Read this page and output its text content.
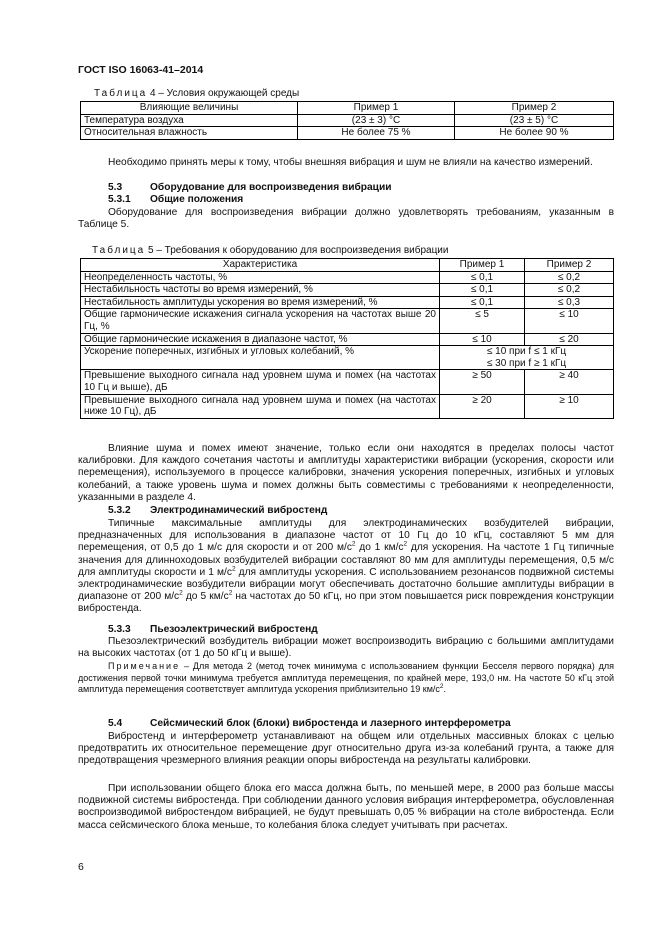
ГОСТ ISO 16063-41–2014
Таблица 4 – Условия окружающей среды
Влияющие величины	Пример 1	Пример 2
Температура воздуха	(23 ± 3) °C	(23 ± 5) °C
Относительная влажность	Не более 75 %	Не более 90 %
Необходимо принять меры к тому, чтобы внешняя вибрация и шум не влияли на качество измерений.
5.3	Оборудование для воспроизведения вибрации
5.3.1 Общие положения
Оборудование для воспроизведения вибрации должно удовлетворять требованиям, указанным в Таблице 5.
Таблица 5 – Требования к оборудованию для воспроизведения вибрации
Характеристика	Пример 1	Пример 2
Неопределенность частоты, %	≤ 0,1	≤ 0,2
Нестабильность частоты во время измерений, %	≤ 0,1	≤ 0,2
Нестабильность амплитуды ускорения во время измерений, %	≤ 0,1	≤ 0,3
Общие гармонические искажения сигнала ускорения на частотах выше 20 Гц, %	≤ 5	≤ 10
Общие гармонические искажения в диапазоне частот, %	≤ 10	≤ 20
Ускорение поперечных, изгибных и угловых колебаний, %	≤ 10 при f ≤ 1 кГц
≤ 30 при f ≥ 1 кГц	

Превышение выходного сигнала над уровнем шума и помех (на частотах 10 Гц и выше), дБ	≥ 50	≥ 40
Превышение выходного сигнала над уровнем шума и помех (на частотах ниже 10 Гц), дБ	≥ 20	≥ 10
Влияние шума и помех имеют значение, только если они находятся в пределах полосы частот калибровки. Для каждого сочетания частоты и амплитуды характеристики вибрации (ускорения, скорости или перемещения), используемого в процессе калибровки, значения ускорения поперечных, изгибных и угловых колебаний, а также уровень шума и помех должны быть совместимы с требованиями к неопределенности, указанными в разделе 4.
5.3.2 Электродинамический вибростенд
Типичные максимальные амплитуды для электродинамических возбудителей вибрации, предназначенных для использования в диапазоне частот от 10 Гц до 10 кГц, составляют 5 мм для перемещения, от 0,5 до 1 м/с для скорости и от 200 $м/с^2$ до 1 $км/с^2$ для ускорения. На частоте 1 Гц типичные значения для длинноходовых возбудителей вибрации составляют 80 мм для амплитуды перемещения, 0,5 м/с для амплитуды скорости и 1 $м/с^2$ для амплитуды ускорения. С использованием резонансов подвижной системы электродинамические возбудители вибрации могут обеспечивать достаточно большие амплитуды вибрации в диапазоне от 200 $м/с^2$ до 5 $км/с^2$ на частотах до 50 кГц, но при этом повышается риск повреждения конструкции вибростенда.
5.3.3 Пьезоэлектрический вибростенд
Пьезоэлектрический возбудитель вибрации может воспроизводить вибрацию с большими амплитудами на высоких частотах (от 1 до 50 кГц и выше).
Примечание – Для метода 2 (метод точек минимума с использованием функции Бесселя первого порядка) для достижения первой точки минимума требуется амплитуда перемещения, по крайней мере, 193,0 нм. На частоте 50 кГц этой амплитуда перемещения соответствует амплитуда ускорения приблизительно 19 $км/с^2$.
5.4	Сейсмический блок (блоки) вибростенда и лазерного интерферометра
Вибростенд и интерферометр устанавливают на общем или отдельных массивных блоках с целью предотвратить их относительное перемещение друг относительно друга из-за колебаний грунта, а также для предотвращения чрезмерного влияния реакции опоры вибростенда на результаты калибровки.
При использовании общего блока его масса должна быть, по меньшей мере, в 2000 раз больше массы подвижной системы вибростенда. При соблюдении данного условия вибрация интерферометра, обусловленная воспроизводимой вибростендом вибрацией, не будут превышать 0,05 % вибрации на столе вибростенда. Если масса сейсмического блока меньше, то колебания блока следует учитывать при расчетах.
6
